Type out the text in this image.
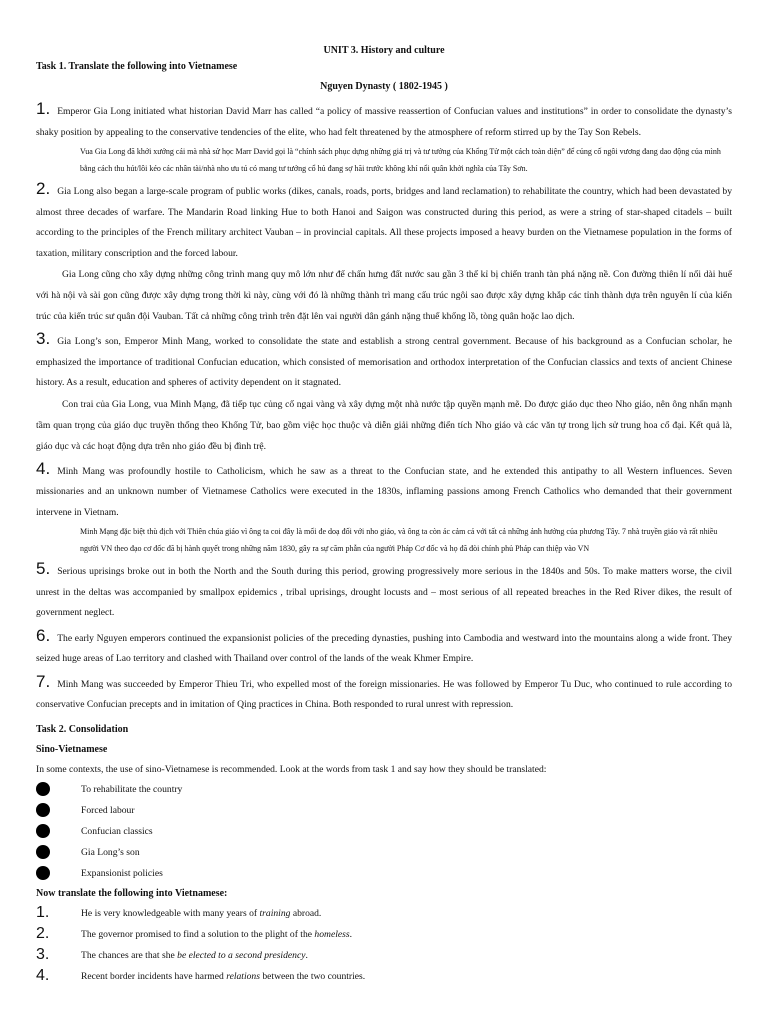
UNIT 3. History and culture
Task 1. Translate the following into Vietnamese
Nguyen Dynasty ( 1802-1945 )

1. Emperor Gia Long initiated what historian David Marr has called “a policy of massive reassertion of Confucian values and institutions” in order to consolidate the dynasty’s shaky position by appealing to the conservative tendencies of the elite, who had felt threatened by the atmosphere of reform stirred up by the Tay Son Rebels.

Vua Gia Long đã khởi xướng cái mà nhà sử học Marr David gọi là “chính sách phục dựng những giá trị và tư tưởng của Khổng Tử một cách toàn diện” để củng cố ngôi vương đang dao động của mình bằng cách thu hút/lôi kéo các nhân tài/nhà nho ưu tú có mang tư tưởng cổ hủ đang sợ hãi trước không khí nổi quân khởi nghĩa của Tây Sơn.

2. Gia Long also began a large-scale program of public works (dikes, canals, roads, ports, bridges and land reclamation) to rehabilitate the country, which had been devastated by almost three decades of warfare. The Mandarin Road linking Hue to both Hanoi and Saigon was constructed during this period, as were a string of star-shaped citadels – built according to the principles of the French military architect Vauban – in provincial capitals. All these projects imposed a heavy burden on the Vietnamese population in the forms of taxation, military conscription and the forced labour.

Gia Long cũng cho xây dựng những công trình mang quy mô lớn như để chấn hưng đất nước sau gần 3 thế kỉ bị chiến tranh tàn phá nặng nề. Con đường thiên lí nối dài huế với hà nội và sài gon cũng được xây dựng trong thời kì này, cùng với đó là những thành trì mang cấu trúc ngôi sao được xây dựng khắp các tỉnh thành dựa trên nguyên lí của kiến trúc của kiến trúc sư quân đội Vauban. Tất cả những công trình trên đặt lên vai người dân gánh nặng thuế khổng lồ, tòng quân hoặc lao dịch.

3. Gia Long’s son, Emperor Minh Mang, worked to consolidate the state and establish a strong central government. Because of his background as a Confucian scholar, he emphasized the importance of traditional Confucian education, which consisted of memorisation and orthodox interpretation of the Confucian classics and texts of ancient Chinese history. As a result, education and spheres of activity dependent on it stagnated.

Con trai của Gia Long, vua Minh Mạng, đã tiếp tục củng cố ngai vàng và xây dựng một nhà nước tập quyền mạnh mẽ. Do được giáo dục theo Nho giáo, nên ông nhấn mạnh tầm quan trọng của giáo dục truyền thống theo Khổng Tử, bao gồm việc học thuộc và diễn giải những điển tích Nho giáo và các văn tự trong lịch sử trung hoa cổ đại. Kết quả là, giáo dục và các hoạt động dựa trên nho giáo đều bị đình trệ.

4. Minh Mang was profoundly hostile to Catholicism, which he saw as a threat to the Confucian state, and he extended this antipathy to all Western influences. Seven missionaries and an unknown number of Vietnamese Catholics were executed in the 1830s, inflaming passions among French Catholics who demanded that their government intervene in Vietnam.

Minh Mạng đặc biệt thù địch với Thiên chúa giáo vì ông ta coi đây là mối đe doạ đối với nho giáo, và ông ta còn ác cảm cả với tất cả những ảnh hưởng của phương Tây. 7 nhà truyền giáo và rất nhiều người VN theo đạo cơ đốc đã bị hành quyết trong những năm 1830, gây ra sự căm phẫn của người Pháp Cơ đốc và họ đã đòi chính phủ Pháp can thiệp vào VN

5. Serious uprisings broke out in both the North and the South during this period, growing progressively more serious in the 1840s and 50s. To make matters worse, the civil unrest in the deltas was accompanied by smallpox epidemics , tribal uprisings, drought locusts and – most serious of all repeated breaches in the Red River dikes, the result of government neglect.

6. The early Nguyen emperors continued the expansionist policies of the preceding dynasties, pushing into Cambodia and westward into the mountains along a wide front. They seized huge areas of Lao territory and clashed with Thailand over control of the lands of the weak Khmer Empire.

7. Minh Mang was succeeded by Emperor Thieu Tri, who expelled most of the foreign missionaries. He was followed by Emperor Tu Duc, who continued to rule according to conservative Confucian precepts and in imitation of Qing practices in China. Both responded to rural unrest with repression.

Task 2. Consolidation
Sino-Vietnamese
In some contexts, the use of sino-Vietnamese is recommended. Look at the words from task 1 and say how they should be translated:
To rehabilitate the country
Forced labour
Confucian classics
Gia Long’s son
Expansionist policies
Now translate the following into Vietnamese:
1.	He is very knowledgeable with many years of training abroad.
2.	The governor promised to find a solution to the plight of the homeless.
3.	The chances are that she be elected to a second presidency.
4.	Recent border incidents have harmed relations between the two countries.
